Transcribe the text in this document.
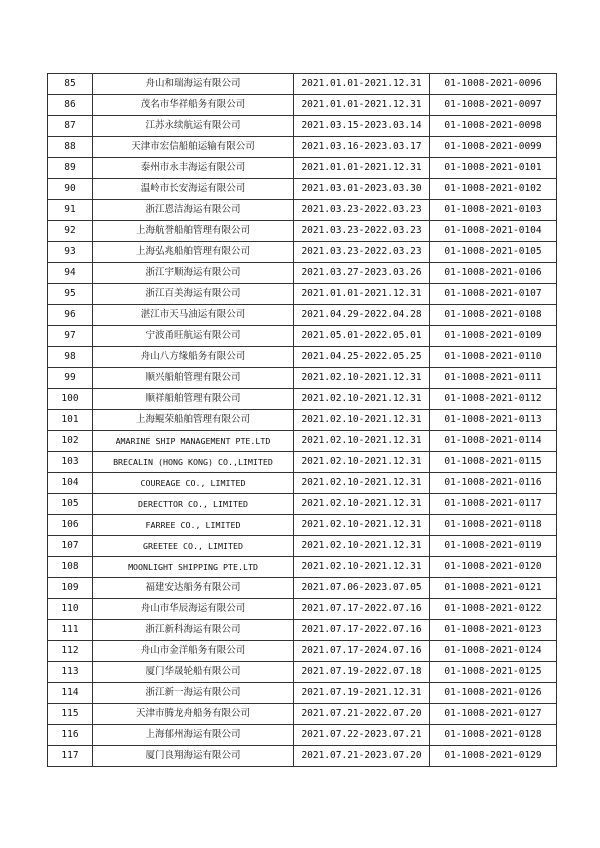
85	舟山和瑞海运有限公司	2021.01.01-2021.12.31	01-1008-2021-0096
86	茂名市华祥船务有限公司	2021.01.01-2021.12.31	01-1008-2021-0097
87	江苏永续航运有限公司	2021.03.15-2023.03.14	01-1008-2021-0098
88	天津市宏信船舶运输有限公司	2021.03.16-2023.03.17	01-1008-2021-0099
89	泰州市永丰海运有限公司	2021.01.01-2021.12.31	01-1008-2021-0101
90	温岭市长安海运有限公司	2021.03.01-2023.03.30	01-1008-2021-0102
91	浙江恩洁海运有限公司	2021.03.23-2022.03.23	01-1008-2021-0103
92	上海航誉船舶管理有限公司	2021.03.23-2022.03.23	01-1008-2021-0104
93	上海弘兆船舶管理有限公司	2021.03.23-2022.03.23	01-1008-2021-0105
94	浙江宇顺海运有限公司	2021.03.27-2023.03.26	01-1008-2021-0106
95	浙江百美海运有限公司	2021.01.01-2021.12.31	01-1008-2021-0107
96	湛江市天马油运有限公司	2021.04.29-2022.04.28	01-1008-2021-0108
97	宁波甬旺航运有限公司	2021.05.01-2022.05.01	01-1008-2021-0109
98	舟山八方缘船务有限公司	2021.04.25-2022.05.25	01-1008-2021-0110
99	顺兴船舶管理有限公司	2021.02.10-2021.12.31	01-1008-2021-0111
100	顺祥船舶管理有限公司	2021.02.10-2021.12.31	01-1008-2021-0112
101	上海鲲荣船舶管理有限公司	2021.02.10-2021.12.31	01-1008-2021-0113
102	AMARINE SHIP MANAGEMENT PTE.LTD	2021.02.10-2021.12.31	01-1008-2021-0114
103	BRECALIN (HONG KONG) CO.,LIMITED	2021.02.10-2021.12.31	01-1008-2021-0115
104	COUREAGE CO., LIMITED	2021.02.10-2021.12.31	01-1008-2021-0116
105	DERECTTOR CO., LIMITED	2021.02.10-2021.12.31	01-1008-2021-0117
106	FARREE CO., LIMITED	2021.02.10-2021.12.31	01-1008-2021-0118
107	GREETEE CO., LIMITED	2021.02.10-2021.12.31	01-1008-2021-0119
108	MOONLIGHT SHIPPING PTE.LTD	2021.02.10-2021.12.31	01-1008-2021-0120
109	福建安达船务有限公司	2021.07.06-2023.07.05	01-1008-2021-0121
110	舟山市华辰海运有限公司	2021.07.17-2022.07.16	01-1008-2021-0122
111	浙江新科海运有限公司	2021.07.17-2022.07.16	01-1008-2021-0123
112	舟山市金洋船务有限公司	2021.07.17-2024.07.16	01-1008-2021-0124
113	厦门华晟轮船有限公司	2021.07.19-2022.07.18	01-1008-2021-0125
114	浙江新一海运有限公司	2021.07.19-2021.12.31	01-1008-2021-0126
115	天津市腾龙舟船务有限公司	2021.07.21-2022.07.20	01-1008-2021-0127
116	上海郁州海运有限公司	2021.07.22-2023.07.21	01-1008-2021-0128
117	厦门良翔海运有限公司	2021.07.21-2023.07.20	01-1008-2021-0129
